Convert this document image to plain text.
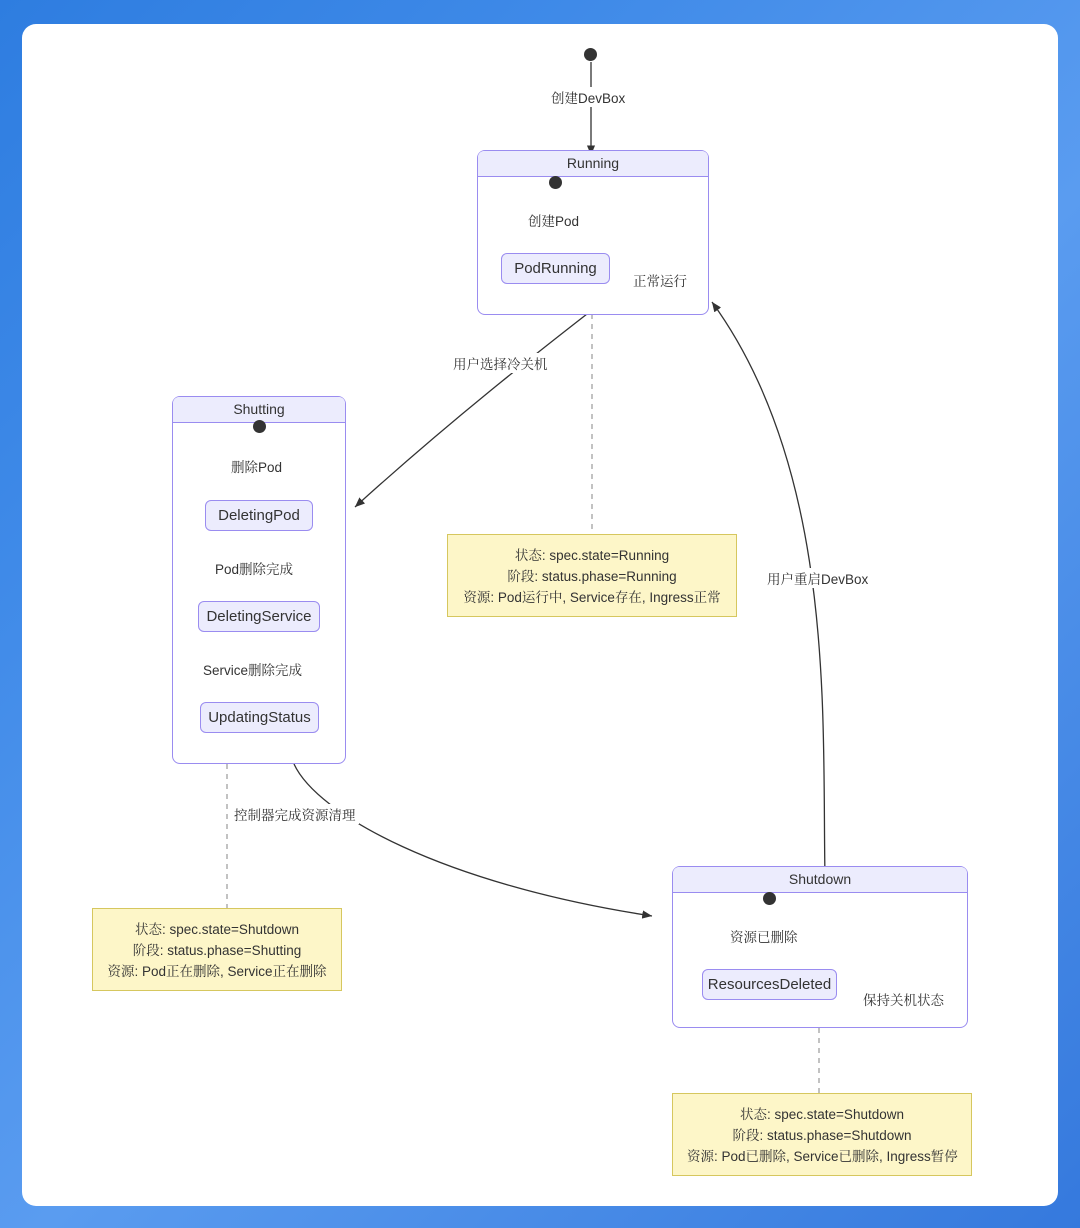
创建DevBox
Running
创建Pod
PodRunning
正常运行
用户选择冷关机
Shutting
删除Pod
DeletingPod
Pod删除完成
DeletingService
Service删除完成
UpdatingStatus
控制器完成资源清理
Shutdown
资源已删除
ResourcesDeleted
保持关机状态
用户重启DevBox
状态: spec.state=Running
阶段: status.phase=Running
资源: Pod运行中, Service存在, Ingress正常
状态: spec.state=Shutdown
阶段: status.phase=Shutting
资源: Pod正在删除, Service正在删除
状态: spec.state=Shutdown
阶段: status.phase=Shutdown
资源: Pod已删除, Service已删除, Ingress暂停
